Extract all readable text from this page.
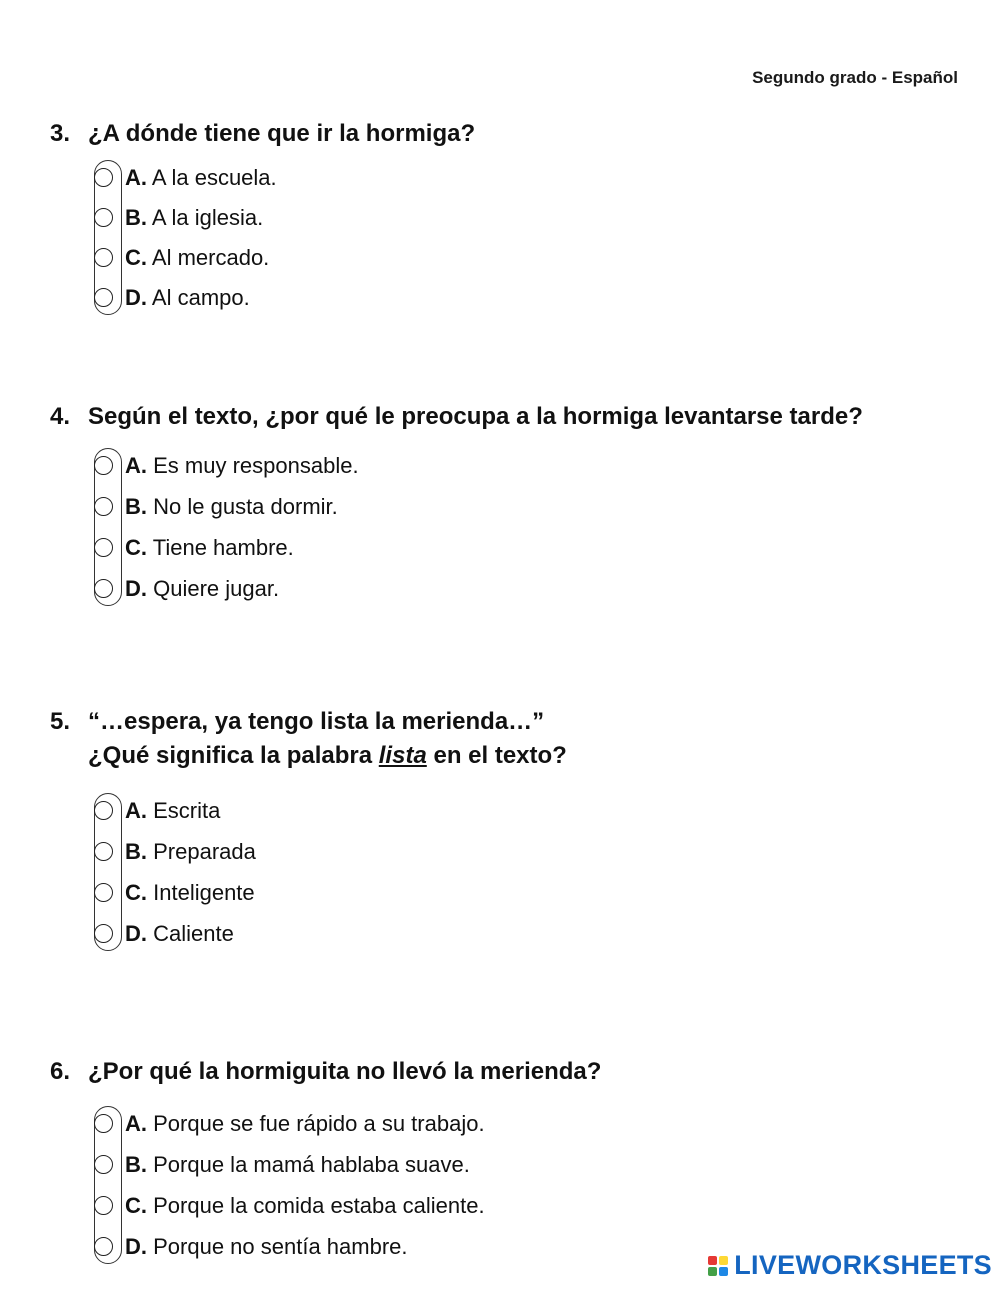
Segundo grado - Español
3. ¿A dónde tiene que ir la hormiga?
A. A la escuela.
B. A la iglesia.
C. Al mercado.
D. Al campo.
4. Según el texto, ¿por qué le preocupa a la hormiga levantarse tarde?
A. Es muy responsable.
B. No le gusta dormir.
C. Tiene hambre.
D. Quiere jugar.
5. “…espera, ya tengo lista la merienda…”
¿Qué significa la palabra lista en el texto?
A. Escrita
B. Preparada
C. Inteligente
D. Caliente
6. ¿Por qué la hormiguita no llevó la merienda?
A. Porque se fue rápido a su trabajo.
B. Porque la mamá hablaba suave.
C. Porque la comida estaba caliente.
D. Porque no sentía hambre.
LIVEWORKSHEETS
